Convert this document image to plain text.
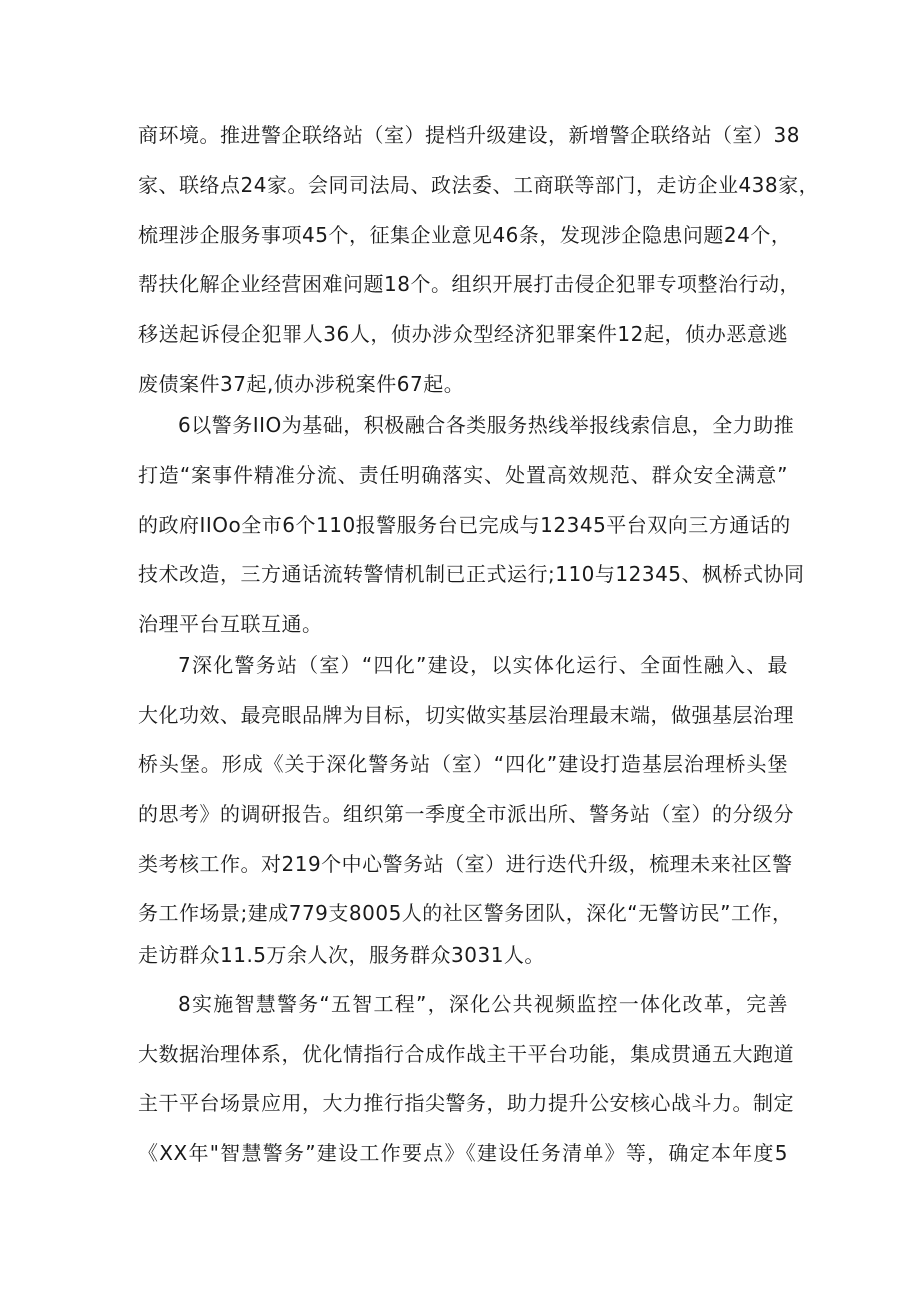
商环境。推进警企联络站（室）提档升级建设，新增警企联络站（室）38
家、联络点24家。会同司法局、政法委、工商联等部门，走访企业438家，
梳理涉企服务事项45个，征集企业意见46条，发现涉企隐患问题24个，
帮扶化解企业经营困难问题18个。组织开展打击侵企犯罪专项整治行动，
移送起诉侵企犯罪人36人，侦办涉众型经济犯罪案件12起，侦办恶意逃
废债案件37起,侦办涉税案件67起。
6以警务IIO为基础，积极融合各类服务热线举报线索信息，全力助推
打造“案事件精准分流、责任明确落实、处置高效规范、群众安全满意”
的政府IIOo全市6个110报警服务台已完成与12345平台双向三方通话的
技术改造，三方通话流转警情机制已正式运行;110与12345、枫桥式协同
治理平台互联互通。
7深化警务站（室）“四化”建设，以实体化运行、全面性融入、最
大化功效、最亮眼品牌为目标，切实做实基层治理最末端，做强基层治理
桥头堡。形成《关于深化警务站（室）“四化”建设打造基层治理桥头堡
的思考》的调研报告。组织第一季度全市派出所、警务站（室）的分级分
类考核工作。对219个中心警务站（室）进行迭代升级，梳理未来社区警
务工作场景;建成779支8005人的社区警务团队，深化“无警访民”工作，
走访群众11.5万余人次，服务群众3031人。
8实施智慧警务“五智工程”，深化公共视频监控一体化改革，完善
大数据治理体系，优化情指行合成作战主干平台功能，集成贯通五大跑道
主干平台场景应用，大力推行指尖警务，助力提升公安核心战斗力。制定
《XX年"智慧警务”建设工作要点》《建设任务清单》等，确定本年度5
